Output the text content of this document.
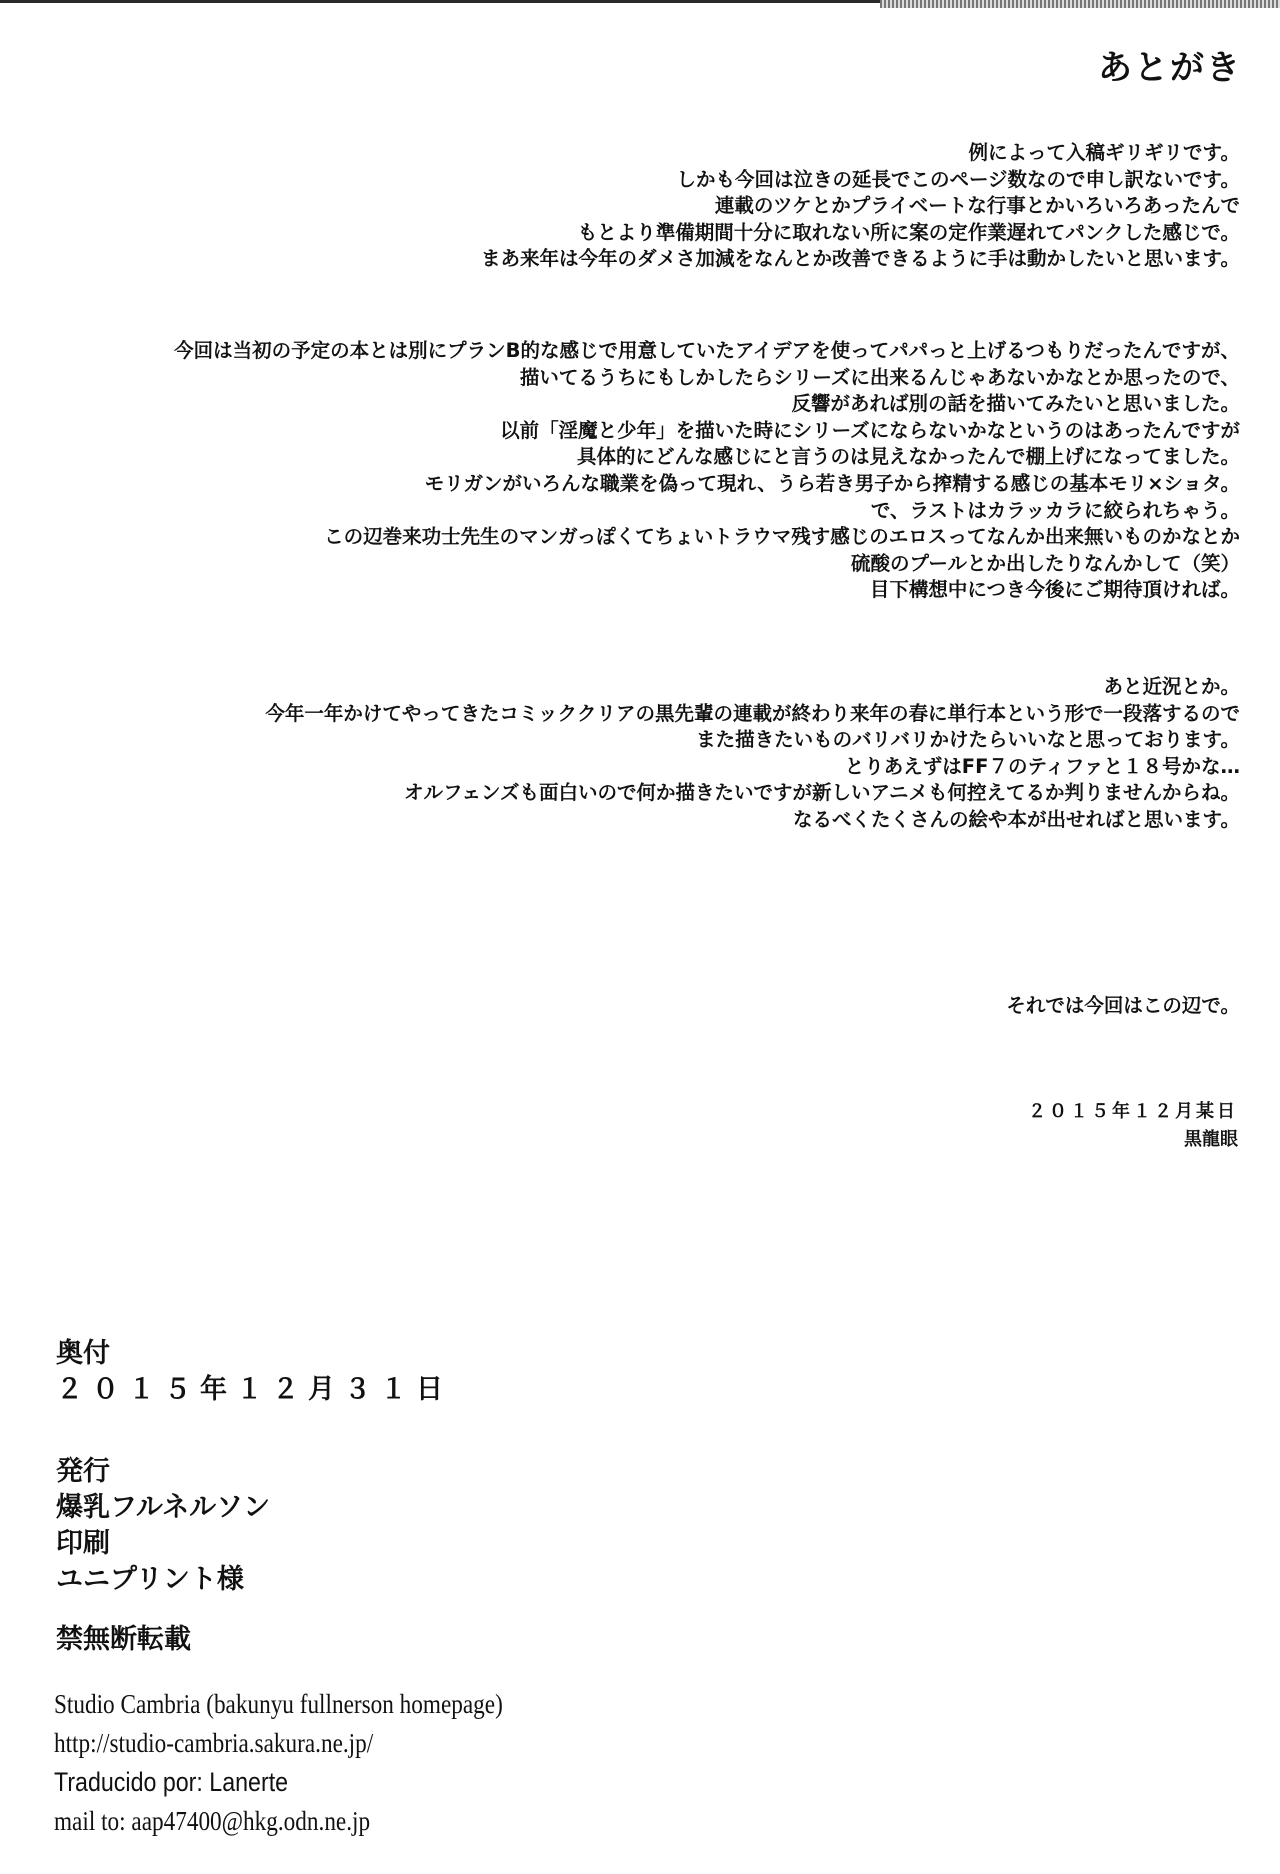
あとがき
例によって入稿ギリギリです。
しかも今回は泣きの延長でこのページ数なので申し訳ないです。
連載のツケとかプライベートな行事とかいろいろあったんで
もとより準備期間十分に取れない所に案の定作業遅れてパンクした感じで。
まあ来年は今年のダメさ加減をなんとか改善できるように手は動かしたいと思います。
今回は当初の予定の本とは別にプランB的な感じで用意していたアイデアを使ってパパっと上げるつもりだったんですが、
描いてるうちにもしかしたらシリーズに出来るんじゃあないかなとか思ったので、
反響があれば別の話を描いてみたいと思いました。
以前「淫魔と少年」を描いた時にシリーズにならないかなというのはあったんですが
具体的にどんな感じにと言うのは見えなかったんで棚上げになってました。
モリガンがいろんな職業を偽って現れ、うら若き男子から搾精する感じの基本モリ×ショタ。
で、ラストはカラッカラに絞られちゃう。
この辺巻来功士先生のマンガっぽくてちょいトラウマ残す感じのエロスってなんか出来無いものかなとか
硫酸のプールとか出したりなんかして（笑）
目下構想中につき今後にご期待頂ければ。
あと近況とか。
今年一年かけてやってきたコミッククリアの黒先輩の連載が終わり来年の春に単行本という形で一段落するので
また描きたいものバリバリかけたらいいなと思っております。
とりあえずはFF７のティファと１８号かな…
オルフェンズも面白いので何か描きたいですが新しいアニメも何控えてるか判りませんからね。
なるべくたくさんの絵や本が出せればと思います。
それでは今回はこの辺で。
２０１５年１２月某日
黒龍眼
奥付
２０１５年１２月３１日
発行
爆乳フルネルソン
印刷
ユニプリント様
禁無断転載
Studio Cambria (bakunyu fullnerson homepage)
http://studio-cambria.sakura.ne.jp/
Traducido por: Lanerte
mail to: aap47400@hkg.odn.ne.jp
